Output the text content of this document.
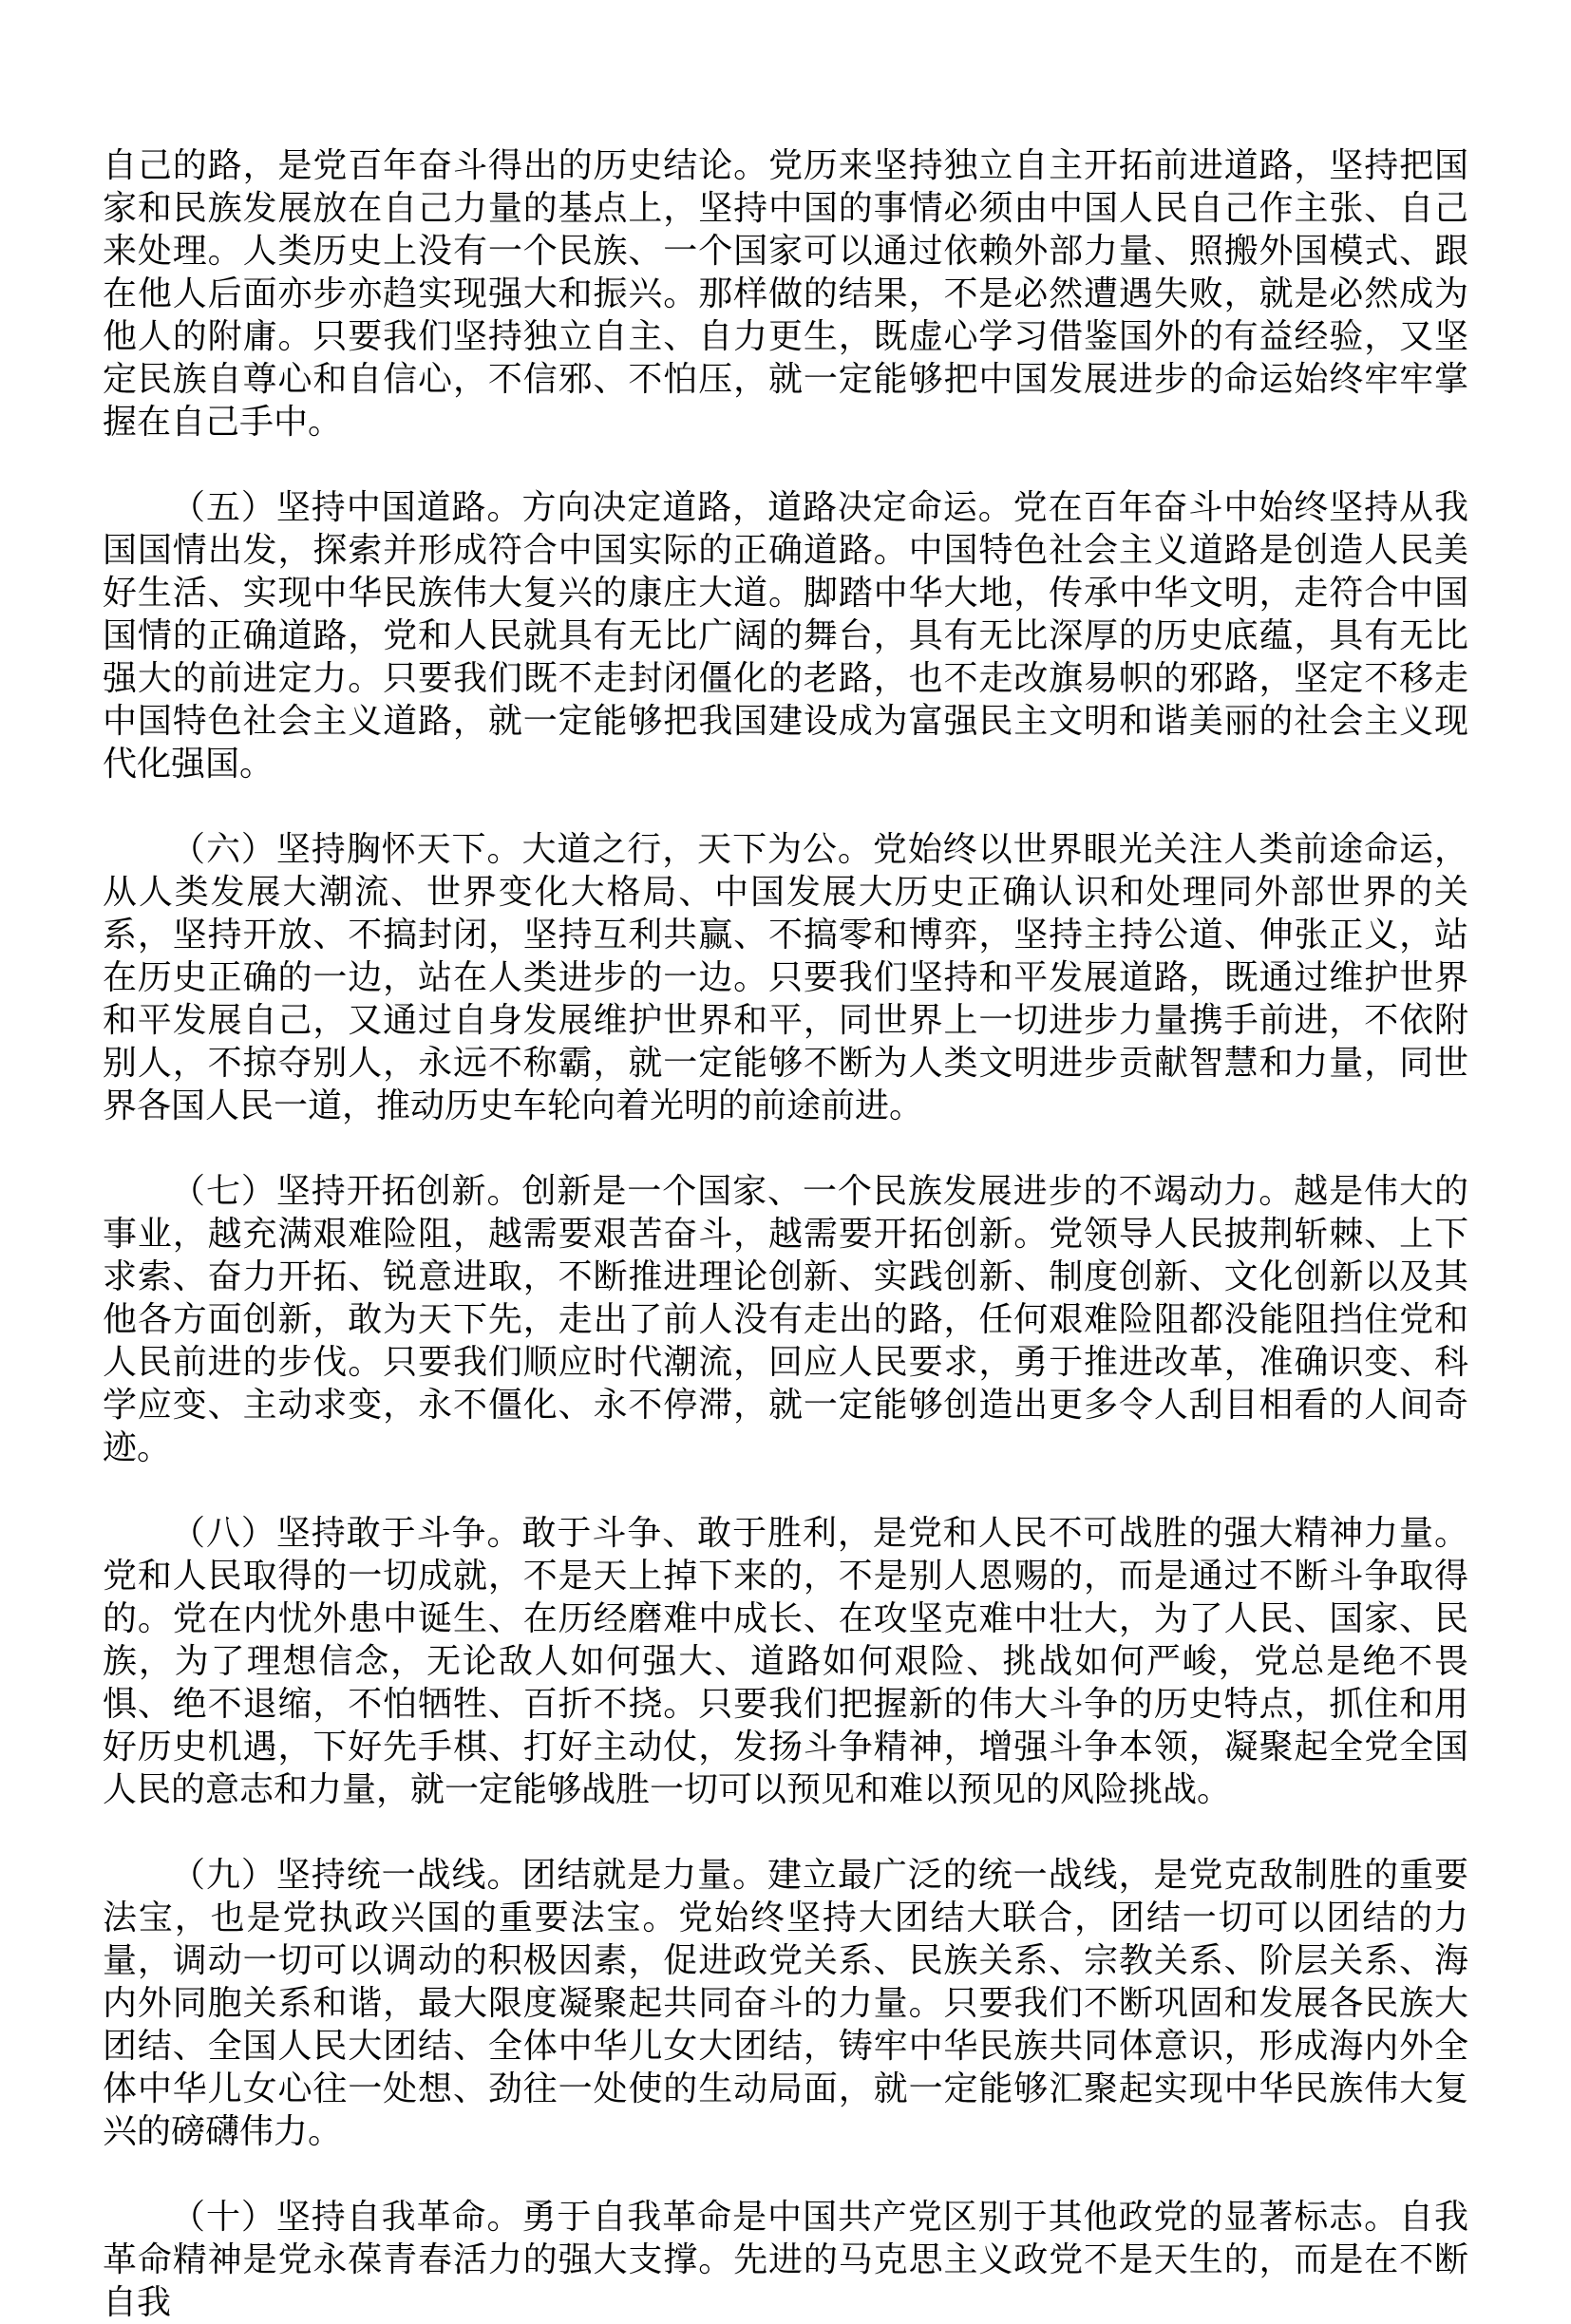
自己的路，是党百年奋斗得出的历史结论。党历来坚持独立自主开拓前进道路，坚持把国家和民族发展放在自己力量的基点上，坚持中国的事情必须由中国人民自己作主张、自己来处理。人类历史上没有一个民族、一个国家可以通过依赖外部力量、照搬外国模式、跟在他人后面亦步亦趋实现强大和振兴。那样做的结果，不是必然遭遇失败，就是必然成为他人的附庸。只要我们坚持独立自主、自力更生，既虚心学习借鉴国外的有益经验，又坚定民族自尊心和自信心，不信邪、不怕压，就一定能够把中国发展进步的命运始终牢牢掌握在自己手中。

（五）坚持中国道路。方向决定道路，道路决定命运。党在百年奋斗中始终坚持从我国国情出发，探索并形成符合中国实际的正确道路。中国特色社会主义道路是创造人民美好生活、实现中华民族伟大复兴的康庄大道。脚踏中华大地，传承中华文明，走符合中国国情的正确道路，党和人民就具有无比广阔的舞台，具有无比深厚的历史底蕴，具有无比强大的前进定力。只要我们既不走封闭僵化的老路，也不走改旗易帜的邪路，坚定不移走中国特色社会主义道路，就一定能够把我国建设成为富强民主文明和谐美丽的社会主义现代化强国。

（六）坚持胸怀天下。大道之行，天下为公。党始终以世界眼光关注人类前途命运，从人类发展大潮流、世界变化大格局、中国发展大历史正确认识和处理同外部世界的关系，坚持开放、不搞封闭，坚持互利共赢、不搞零和博弈，坚持主持公道、伸张正义，站在历史正确的一边，站在人类进步的一边。只要我们坚持和平发展道路，既通过维护世界和平发展自己，又通过自身发展维护世界和平，同世界上一切进步力量携手前进，不依附别人，不掠夺别人，永远不称霸，就一定能够不断为人类文明进步贡献智慧和力量，同世界各国人民一道，推动历史车轮向着光明的前途前进。

（七）坚持开拓创新。创新是一个国家、一个民族发展进步的不竭动力。越是伟大的事业，越充满艰难险阻，越需要艰苦奋斗，越需要开拓创新。党领导人民披荆斩棘、上下求索、奋力开拓、锐意进取，不断推进理论创新、实践创新、制度创新、文化创新以及其他各方面创新，敢为天下先，走出了前人没有走出的路，任何艰难险阻都没能阻挡住党和人民前进的步伐。只要我们顺应时代潮流，回应人民要求，勇于推进改革，准确识变、科学应变、主动求变，永不僵化、永不停滞，就一定能够创造出更多令人刮目相看的人间奇迹。

（八）坚持敢于斗争。敢于斗争、敢于胜利，是党和人民不可战胜的强大精神力量。党和人民取得的一切成就，不是天上掉下来的，不是别人恩赐的，而是通过不断斗争取得的。党在内忧外患中诞生、在历经磨难中成长、在攻坚克难中壮大，为了人民、国家、民族，为了理想信念，无论敌人如何强大、道路如何艰险、挑战如何严峻，党总是绝不畏惧、绝不退缩，不怕牺牲、百折不挠。只要我们把握新的伟大斗争的历史特点，抓住和用好历史机遇，下好先手棋、打好主动仗，发扬斗争精神，增强斗争本领，凝聚起全党全国人民的意志和力量，就一定能够战胜一切可以预见和难以预见的风险挑战。

（九）坚持统一战线。团结就是力量。建立最广泛的统一战线，是党克敌制胜的重要法宝，也是党执政兴国的重要法宝。党始终坚持大团结大联合，团结一切可以团结的力量，调动一切可以调动的积极因素，促进政党关系、民族关系、宗教关系、阶层关系、海内外同胞关系和谐，最大限度凝聚起共同奋斗的力量。只要我们不断巩固和发展各民族大团结、全国人民大团结、全体中华儿女大团结，铸牢中华民族共同体意识，形成海内外全体中华儿女心往一处想、劲往一处使的生动局面，就一定能够汇聚起实现中华民族伟大复兴的磅礴伟力。

（十）坚持自我革命。勇于自我革命是中国共产党区别于其他政党的显著标志。自我革命精神是党永葆青春活力的强大支撑。先进的马克思主义政党不是天生的，而是在不断自我
